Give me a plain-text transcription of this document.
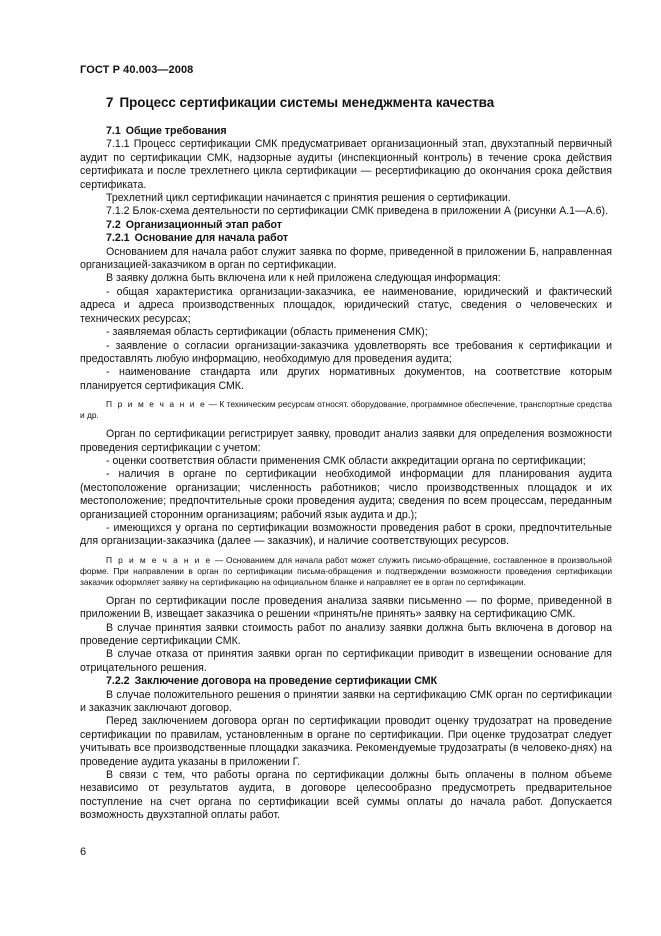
ГОСТ Р 40.003—2008
7 Процесс сертификации системы менеджмента качества
7.1 Общие требования

7.1.1 Процесс сертификации СМК предусматривает организационный этап, двухэтапный первичный аудит по сертификации СМК, надзорные аудиты (инспекционный контроль) в течение срока действия сертификата и после трехлетнего цикла сертификации — ресертификацию до окончания срока действия сертификата.

Трехлетний цикл сертификации начинается с принятия решения о сертификации.

7.1.2 Блок-схема деятельности по сертификации СМК приведена в приложении А (рисунки А.1—А.6).

7.2 Организационный этап работ
7.2.1 Основание для начала работ

Основанием для начала работ служит заявка по форме, приведенной в приложении Б, направленная организацией-заказчиком в орган по сертификации.

В заявку должна быть включена или к ней приложена следующая информация:

- общая характеристика организации-заказчика, ее наименование, юридический и фактический адреса и адреса производственных площадок, юридический статус, сведения о человеческих и технических ресурсах;

- заявляемая область сертификации (область применения СМК);

- заявление о согласии организации-заказчика удовлетворять все требования к сертификации и предоставлять любую информацию, необходимую для проведения аудита;

- наименование стандарта или других нормативных документов, на соответствие которым планируется сертификация СМК.

П р и м е ч а н и е — К техническим ресурсам относят. оборудование, программное обеспечение, транспортные средства и др.

Орган по сертификации регистрирует заявку, проводит анализ заявки для определения возможности проведения сертификации с учетом:

- оценки соответствия области применения СМК области аккредитации органа по сертификации;

- наличия в органе по сертификации необходимой информации для планирования аудита (местоположение организации; численность работников; число производственных площадок и их местоположение; предпочтительные сроки проведения аудита; сведения по всем процессам, переданным организацией сторонним организациям; рабочий язык аудита и др.);

- имеющихся у органа по сертификации возможности проведения работ в сроки, предпочтительные для организации-заказчика (далее — заказчик), и наличие соответствующих ресурсов.

П р и м е ч а н и е — Основанием для начала работ может служить письмо-обращение, составленное в произвольной форме. При направлении в орган по сертификации письма-обращения и подтверждении возможности проведения сертификации заказчик оформляет заявку на сертификацию на официальном бланке и направляет ее в орган по сертификации.

Орган по сертификации после проведения анализа заявки письменно — по форме, приведенной в приложении В, извещает заказчика о решении «принять/не принять» заявку на сертификацию СМК.

В случае принятия заявки стоимость работ по анализу заявки должна быть включена в договор на проведение сертификации СМК.

В случае отказа от принятия заявки орган по сертификации приводит в извещении основание для отрицательного решения.

7.2.2 Заключение договора на проведение сертификации СМК

В случае положительного решения о принятии заявки на сертификацию СМК орган по сертификации и заказчик заключают договор.

Перед заключением договора орган по сертификации проводит оценку трудозатрат на проведение сертификации по правилам, установленным в органе по сертификации. При оценке трудозатрат следует учитывать все производственные площадки заказчика. Рекомендуемые трудозатраты (в человеко-днях) на проведение аудита указаны в приложении Г.

В связи с тем, что работы органа по сертификации должны быть оплачены в полном объеме независимо от результатов аудита, в договоре целесообразно предусмотреть предварительное поступление на счет органа по сертификации всей суммы оплаты до начала работ. Допускается возможность двухэтапной оплаты работ.

6
